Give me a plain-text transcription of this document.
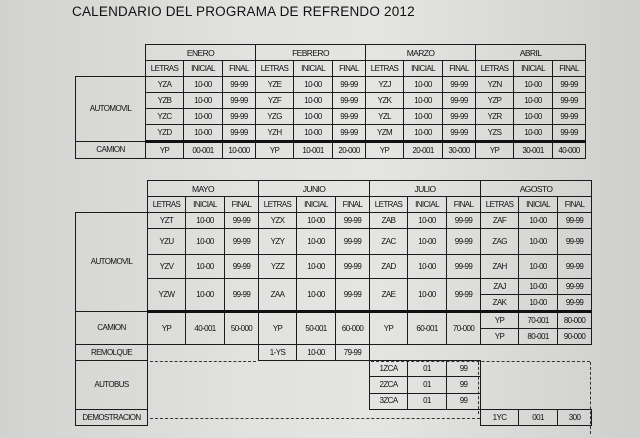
CALENDARIO DEL PROGRAMA DE REFRENDO 2012
	ENERO			FEBRERO			MARZO			ABRIL		
	LETRAS	INICIAL	FINAL	LETRAS	INICIAL	FINAL	LETRAS	INICIAL	FINAL	LETRAS	INICIAL	FINAL
AUTOMOVIL	YZA	10-00	99-99	YZE	10-00	99-99	YZJ	10-00	99-99	YZN	10-00	99-99
	YZB	10-00	99-99	YZF	10-00	99-99	YZK	10-00	99-99	YZP	10-00	99-99
	YZC	10-00	99-99	YZG	10-00	99-99	YZL	10-00	99-99	YZR	10-00	99-99
	YZD	10-00	99-99	YZH	10-00	99-99	YZM	10-00	99-99	YZS	10-00	99-99
CAMION	YP	00-001	10-000	YP	10-001	20-000	YP	20-001	30-000	YP	30-001	40-000
	MAYO			JUNIO			JULIO			AGOSTO		
	LETRAS	INICIAL	FINAL	LETRAS	INICIAL	FINAL	LETRAS	INICIAL	FINAL	LETRAS	INICIAL	FINAL
AUTOMOVIL	YZT	10-00	99-99	YZX	10-00	99-99	ZAB	10-00	99-99	ZAF	10-00	99-99
	YZU	10-00	99-99	YZY	10-00	99-99	ZAC	10-00	99-99	ZAG	10-00	99-99
	YZV	10-00	99-99	YZZ	10-00	99-99	ZAD	10-00	99-99	ZAH	10-00	99-99
	YZW	10-00	99-99	ZAA	10-00	99-99	ZAE	10-00	99-99	ZAJ	10-00	99-99
										ZAK	10-00	99-99
CAMION	YP	40-001	50-000	YP	50-001	60-000	YP	60-001	70-000	YP	70-001	80-000
										YP	80-001	90-000
REMOLQUE				1-YS	10-00	79-99						
AUTOBUS							1ZCA	01	99			
							2ZCA	01	99			
							3ZCA	01	99			
DEMOSTRACION										1YC	001	300
